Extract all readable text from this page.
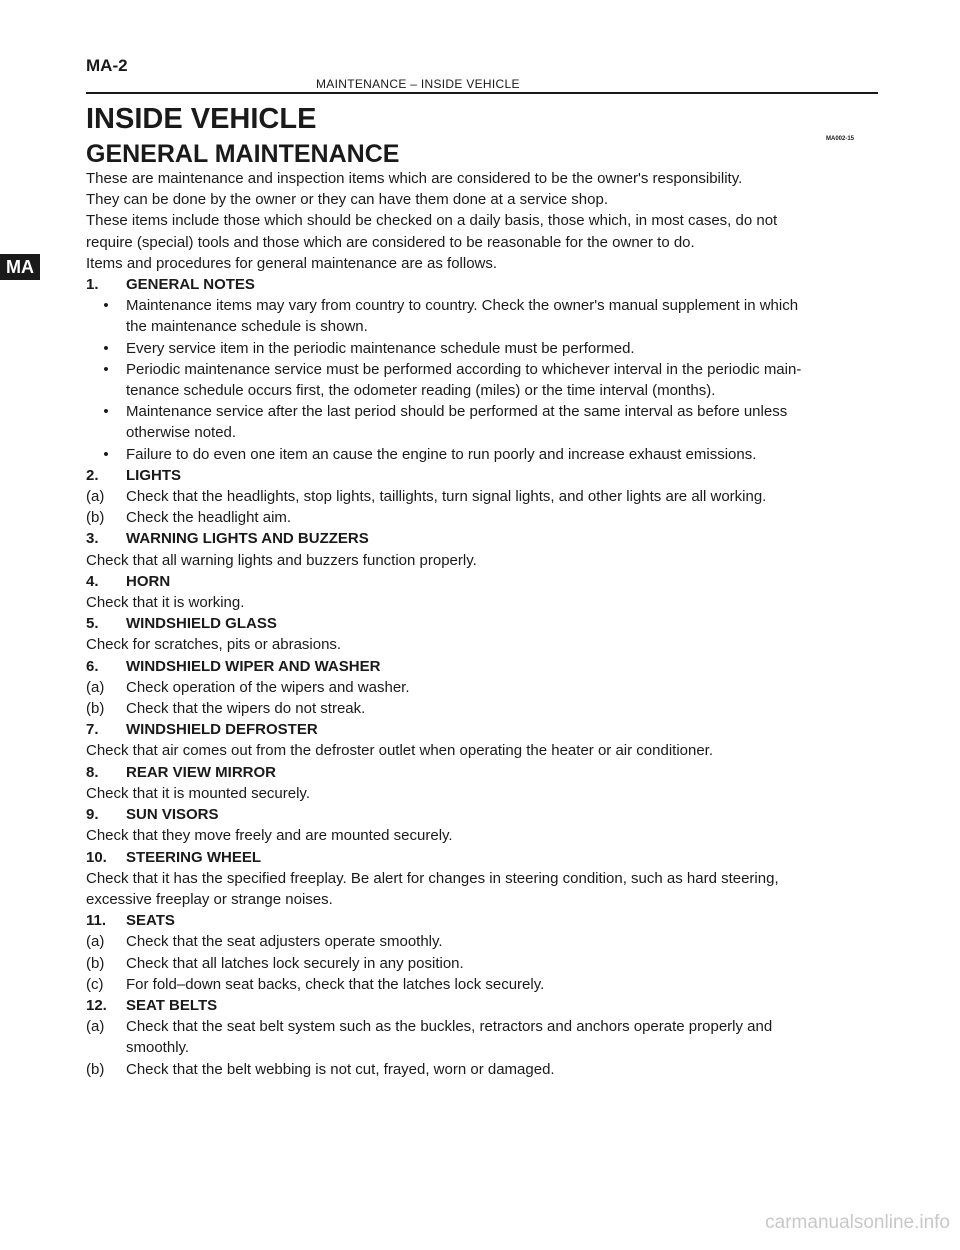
MA-2
MAINTENANCE – INSIDE VEHICLE
INSIDE VEHICLE
MA002-15
GENERAL MAINTENANCE
MA

These are maintenance and inspection items which are considered to be the owner's responsibility.

They can be done by the owner or they can have them done at a service shop.

These items include those which should be checked on a daily basis, those which, in most cases, do not

require (special) tools and those which are considered to be reasonable for the owner to do.

Items and procedures for general maintenance are as follows.

1.	GENERAL NOTES
•	Maintenance items may vary from country to country. Check the owner's manual supplement in which
the maintenance schedule is shown.
•	Every service item in the periodic maintenance schedule must be performed.
•	Periodic maintenance service must be performed according to whichever interval in the periodic main-
tenance schedule occurs first, the odometer reading (miles) or the time interval (months).
•	Maintenance service after the last period should be performed at the same interval as before unless
otherwise noted.
•	Failure to do even one item an cause the engine to run poorly and increase exhaust emissions.
2.	LIGHTS
(a)	Check that the headlights, stop lights, taillights, turn signal lights, and other lights are all working.
(b)	Check the headlight aim.
3.	WARNING LIGHTS AND BUZZERS

Check that all warning lights and buzzers function properly.

4.	HORN

Check that it is working.

5.	WINDSHIELD GLASS

Check for scratches, pits or abrasions.

6.	WINDSHIELD WIPER AND WASHER
(a)	Check operation of the wipers and washer.
(b)	Check that the wipers do not streak.
7.	WINDSHIELD DEFROSTER

Check that air comes out from the defroster outlet when operating the heater or air conditioner.

8.	REAR VIEW MIRROR

Check that it is mounted securely.

9.	SUN VISORS

Check that they move freely and are mounted securely.

10.	STEERING WHEEL

Check that it has the specified freeplay. Be alert for changes in steering condition, such as hard steering,

excessive freeplay or strange noises.

11.	SEATS
(a)	Check that the seat adjusters operate smoothly.
(b)	Check that all latches lock securely in any position.
(c)	For fold–down seat backs, check that the latches lock securely.
12.	SEAT BELTS
(a)	Check that the seat belt system such as the buckles, retractors and anchors operate properly and
smoothly.
(b)	Check that the belt webbing is not cut, frayed, worn or damaged.
carmanualsonline.info
